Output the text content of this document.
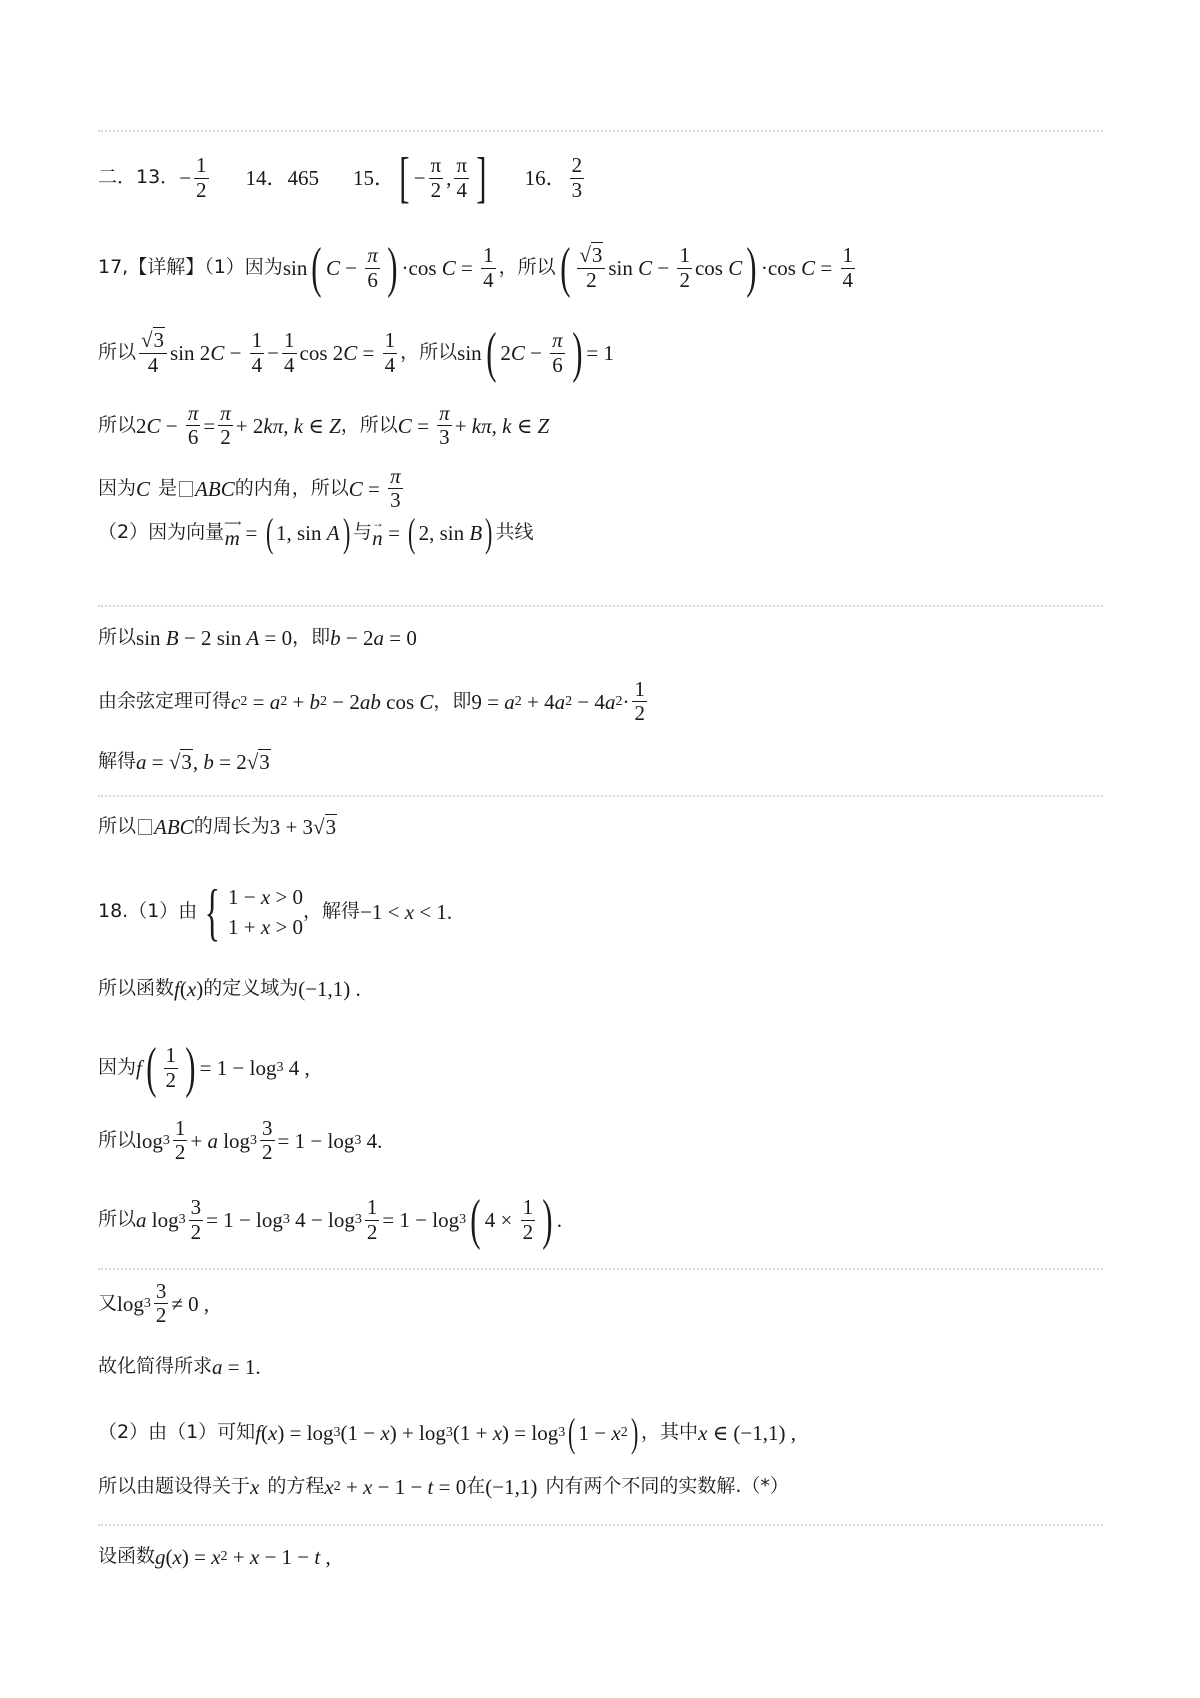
二．13． − $\frac{1}{2} 14$．465 15． [ − $\frac{\pi}{2}$ , $\frac{\pi}{4}$ ] 16． $\frac{2}{3}$
17,【详解】（1）因为 sin ( $C - \frac{\pi}{6}$ ) ·cos $C = \frac{1}{4}$ ，所以 ( $\frac{√3}{2}$ $\sin C - \frac{1}{2}$ cos C ) ·cos $C = \frac{1}{4}$
所以 $\frac{√3}{4}$ sin 2 $C - \frac{1}{4} - \frac{1}{4}$ cos 2 $C = \frac{1}{4}$ ，所以 sin ( 2 $C - \frac{\pi}{6}$ ) = 1
所以 2 $C - \frac{\pi}{6} = \frac{\pi}{2} + 2$ kπ , k ∈ Z ，所以 $C = \frac{\pi}{3} + k\pi$ , k ∈ Z
因为 C 是 ABC 的内角，所以 $C = \frac{\pi}{3}$
（2）因为向量 ⟶
m = ( 1, sin A ) 与 →
n = ( 2, sin B ) 共线
所以 sin B − 2 sin A = 0 ，即 b − 2 a = 0
由余弦定理可得 c 2 = a 2 + b 2 − 2 ab cos C ，即 9 = a 2 + 4 a 2 − 4 a $2 \cdot \frac{1}{2}$
解得 a = √3 , b = 2 √3
所以 ABC 的周长为 3 + 3 √3
18.（1）由 { 1 − x > 0
1 + x > 0
，解得 −1 < x < 1.
所以函数 f ( x ) 的定义域为 (−1,1) .
因为 f ( $\frac{1}{2}$ ) = 1 − log 3 4 ,
所以 $\log 3 \frac{1}{2} + a$ $\log 3 \frac{3}{2} = 1 - \log 3$ 4.
所以 a $\log 3 \frac{3}{2} = 1 - \log 3$ $4 - \log 3 \frac{1}{2} = 1 - \log 3$ ( $4 \times \frac{1}{2}$ ) .
又 $\log 3 \frac{3}{2} \ne 0$ ,
故化简得所求 a = 1.
（2）由（1）可知 f ( x ) = log 3 (1 − x ) + log 3 (1 + x ) = log 3 ( 1 − x 2 ) ，其中 x ∈ (−1,1) ,
所以由题设得关于 x 的方程 x 2 + x − 1 − t = 0 在 (−1,1) 内有两个不同的实数解.（*）
设函数 g ( x ) = x 2 + x − 1 − t ,
